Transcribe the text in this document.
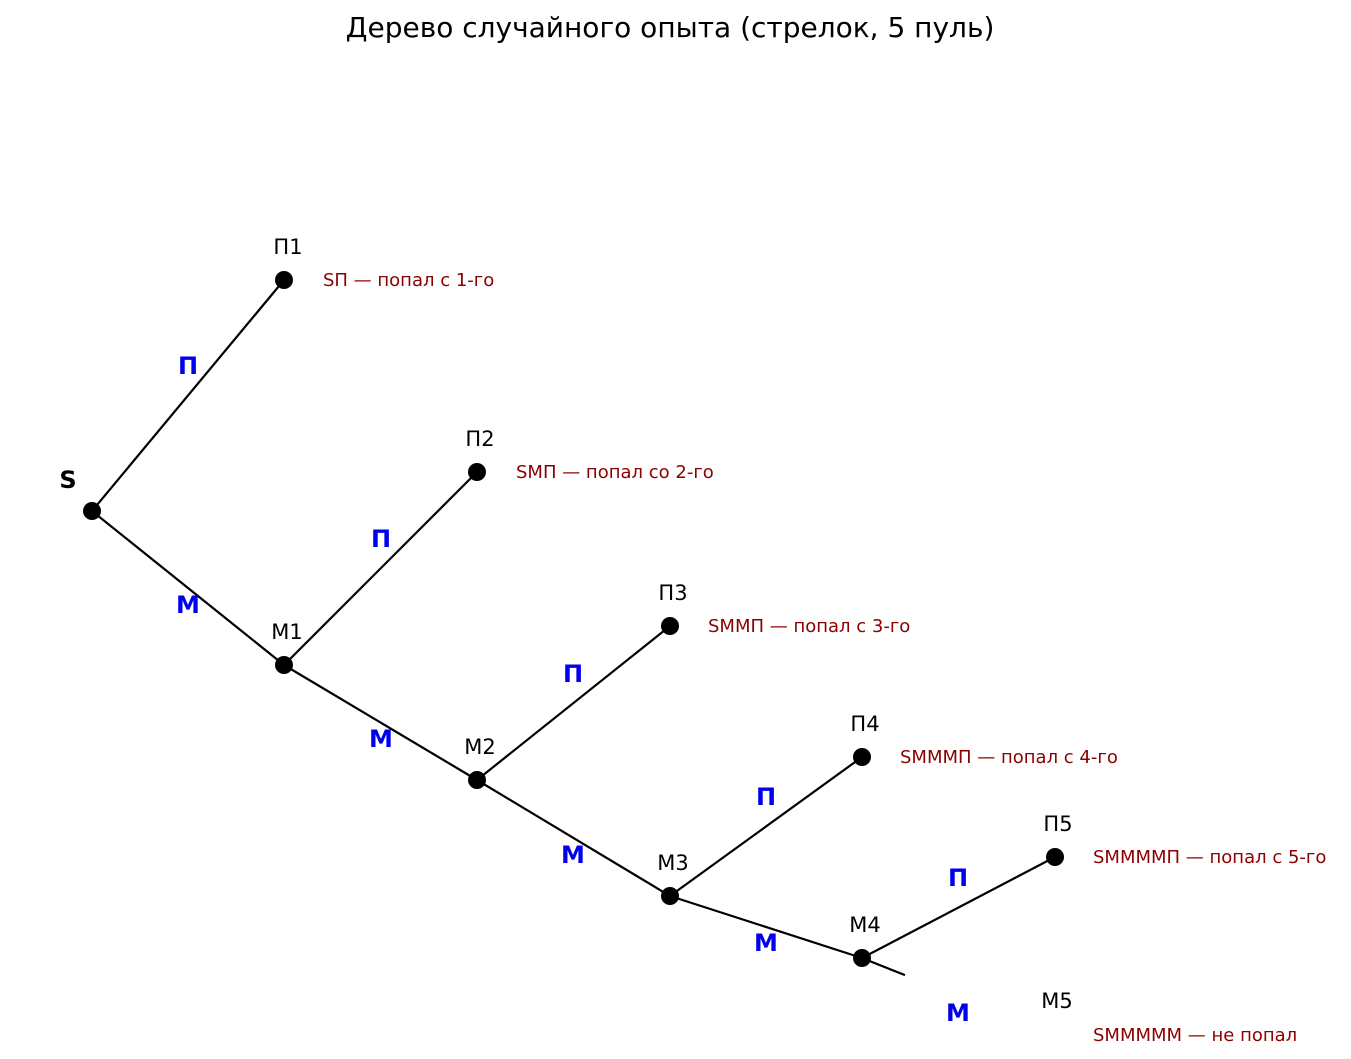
Дерево случайного опыта (стрелок, 5 пуль)
П
М
П
М
П
М
П
М
П
М
S
П1
М1
П2
М2
П3
М3
П4
М4
П5
М5
SП — попал с 1-го
SМП — попал со 2-го
SММП — попал с 3-го
SМММП — попал с 4-го
SММММП — попал с 5-го
SММММM — не попал
